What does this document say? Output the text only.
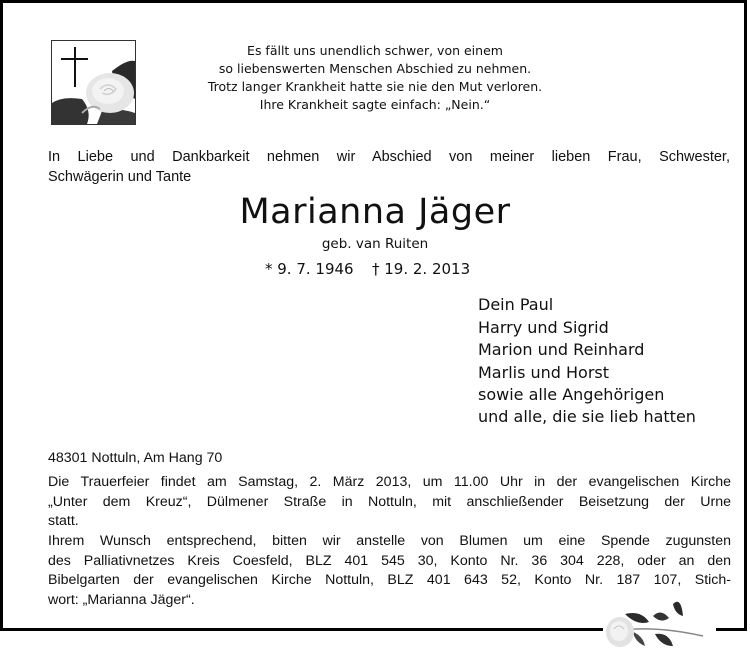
Es fällt uns unendlich schwer, von einem
so liebenswerten Menschen Abschied zu nehmen.
Trotz langer Krankheit hatte sie nie den Mut verloren.
Ihre Krankheit sagte einfach: „Nein.“
In Liebe und Dankbarkeit nehmen wir Abschied von meiner lieben Frau, Schwester,
Schwägerin und Tante
Marianna Jäger
geb. van Ruiten
* 9. 7. 1946 † 19. 2. 2013
Dein Paul
Harry und Sigrid
Marion und Reinhard
Marlis und Horst
sowie alle Angehörigen
und alle, die sie lieb hatten
48301 Nottuln, Am Hang 70
Die Trauerfeier findet am Samstag, 2. März 2013, um 11.00 Uhr in der evangelischen Kirche
„Unter dem Kreuz“, Dülmener Straße in Nottuln, mit anschließender Beisetzung der Urne
statt.
Ihrem Wunsch entsprechend, bitten wir anstelle von Blumen um eine Spende zugunsten
des Palliativnetzes Kreis Coesfeld, BLZ 401 545 30, Konto Nr. 36 304 228, oder an den
Bibelgarten der evangelischen Kirche Nottuln, BLZ 401 643 52, Konto Nr. 187 107, Stich-
wort: „Marianna Jäger“.
